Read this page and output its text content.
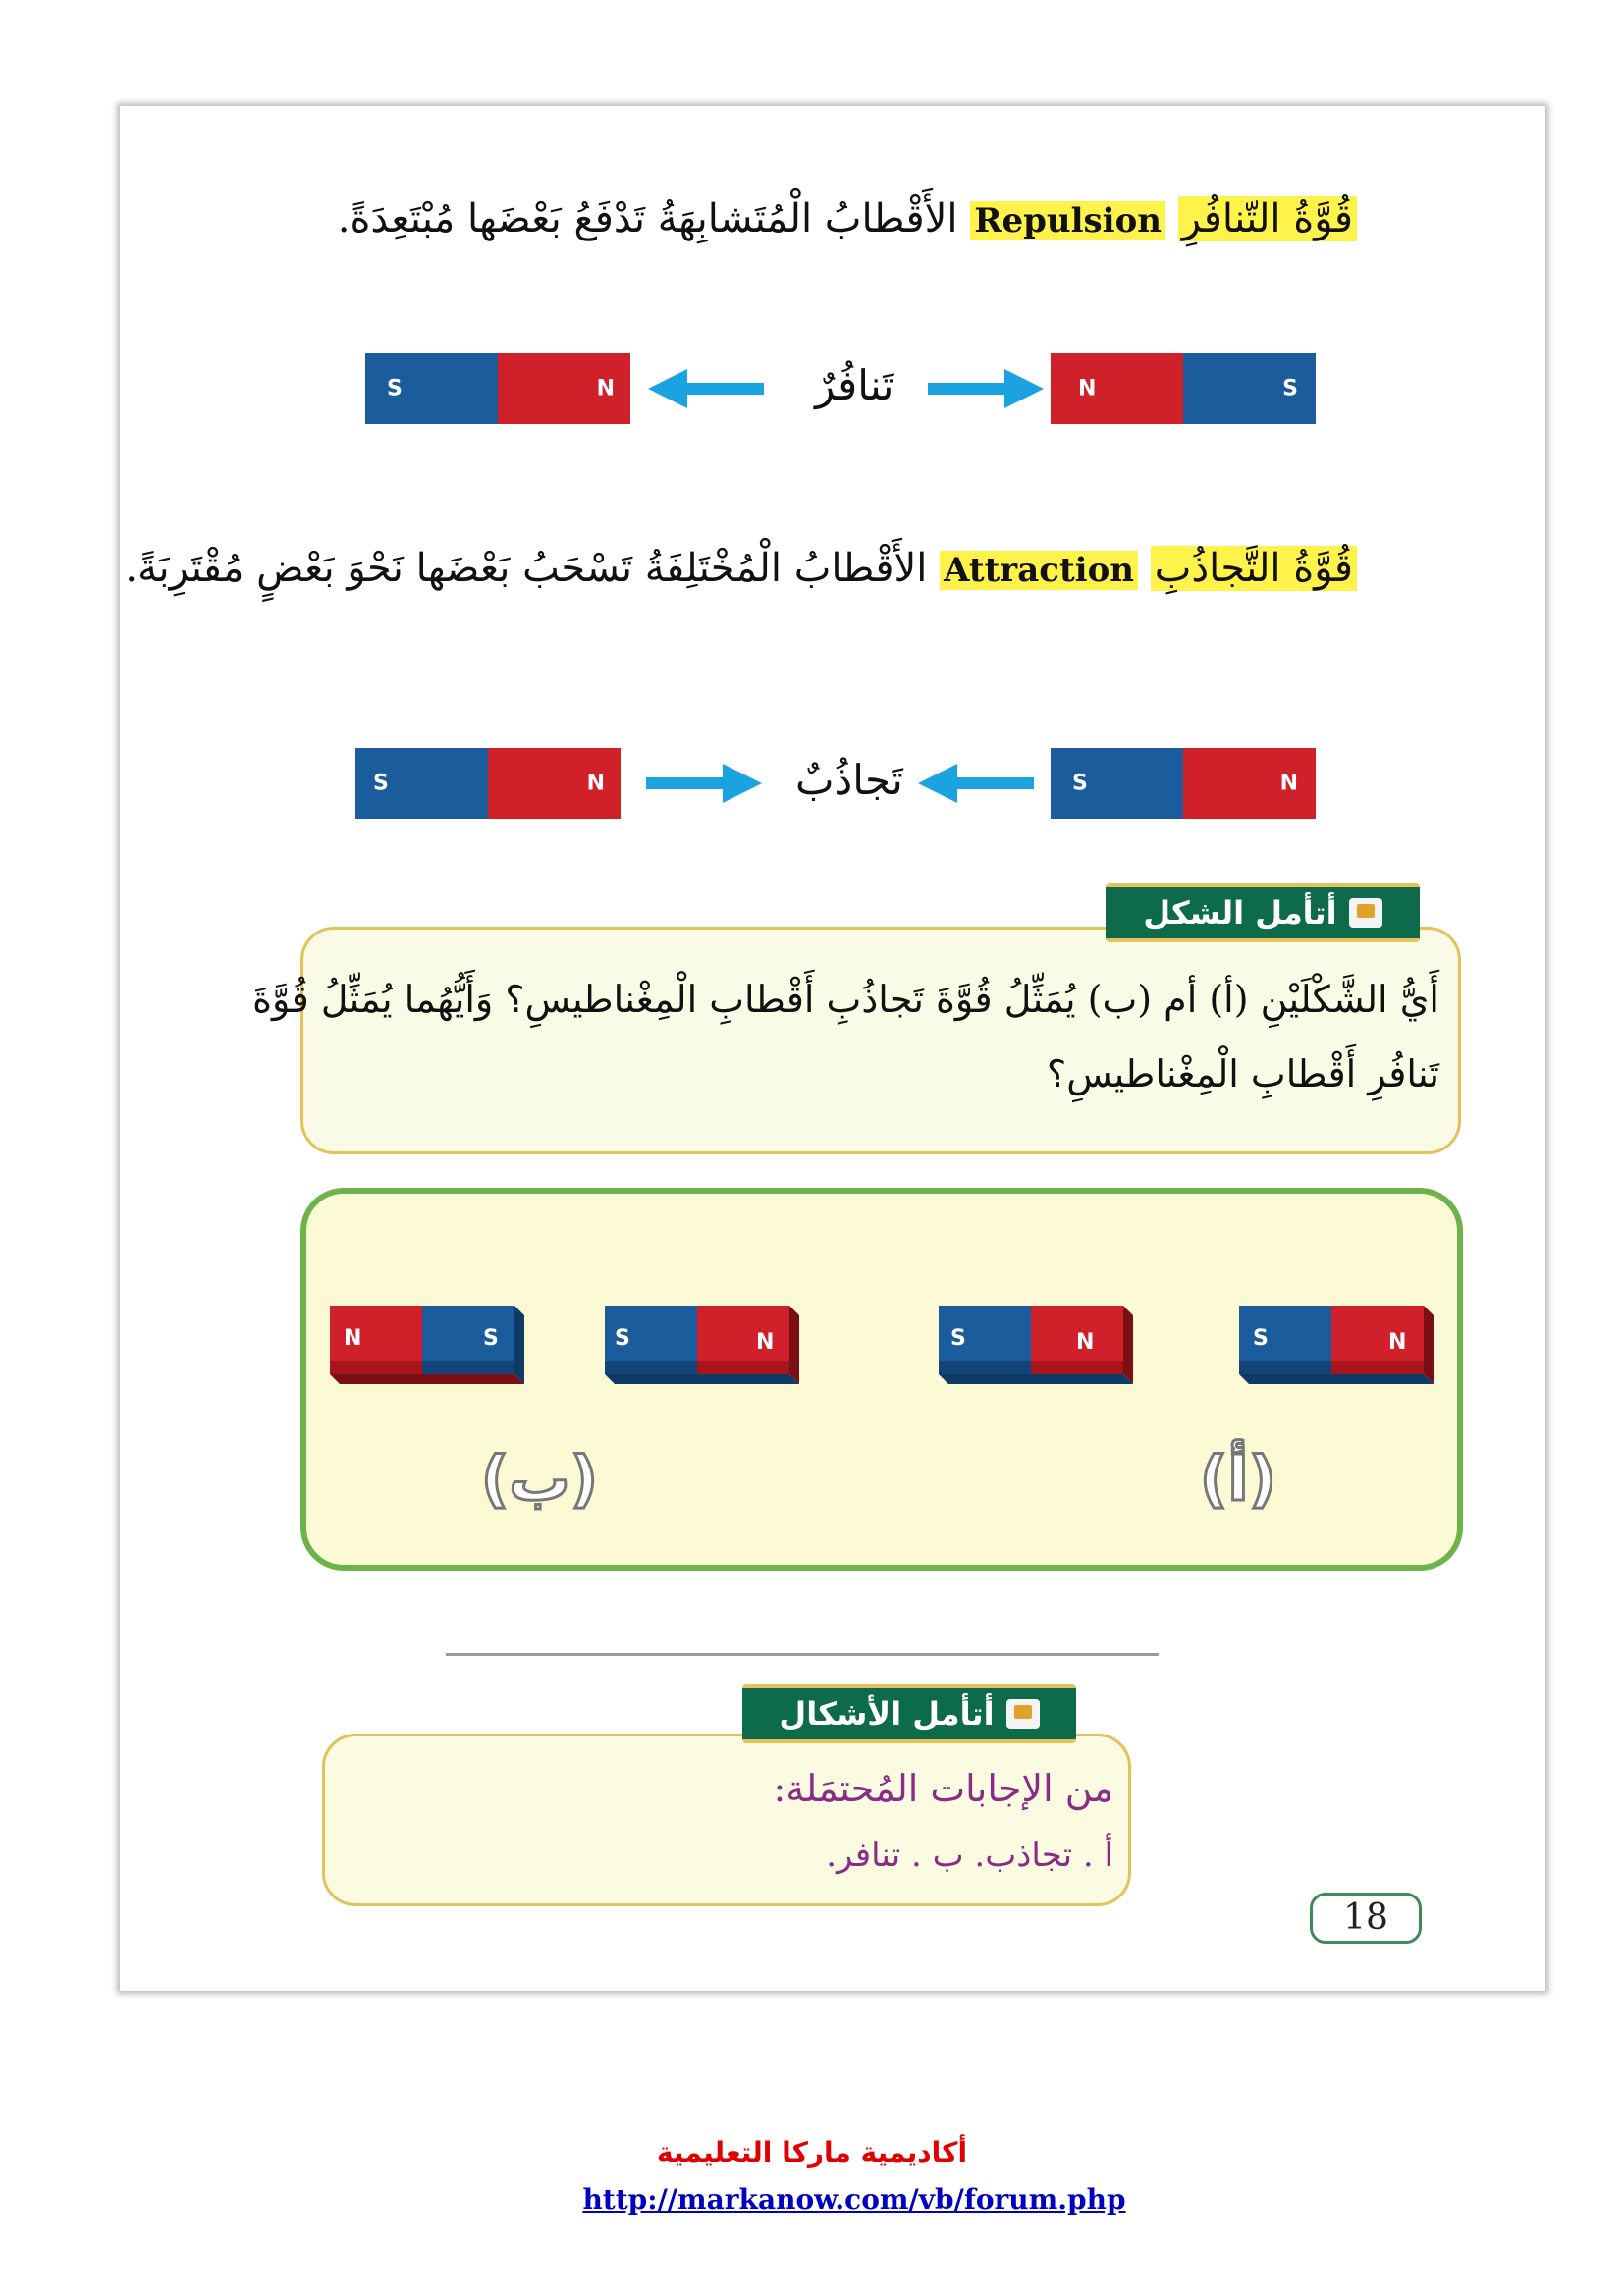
قُوَّةُ التّنافُرِ Repulsion الأَقْطابُ الْمُتَشابِهَةُ تَدْفَعُ بَعْضَها مُبْتَعِدَةً.
S	N	تَنافُرٌ	N	S
قُوَّةُ التَّجاذُبِ Attraction الأَقْطابُ الْمُخْتَلِفَةُ تَسْحَبُ بَعْضَها نَحْوَ بَعْضٍ مُقْتَرِبَةً.
S	N	تَجاذُبٌ	S	N
أتأمل الشكل
أَيُّ الشَّكْلَيْنِ (أ) أم (ب) يُمَثِّلُ قُوَّةَ تَجاذُبِ أَقْطابِ الْمِغْناطيسِ؟ وَأَيُّهُما يُمَثِّلُ قُوَّةَ
تَنافُرِ أَقْطابِ الْمِغْناطيسِ؟
N	S	S	N	S	N	S	N
(ب)	(أ)
أتأمل الأشكال
من الإجابات المُحتمَلة:
أ . تجاذب. ب . تنافر.
18
أكاديمية ماركا التعليمية
http://markanow.com/vb/forum.php
